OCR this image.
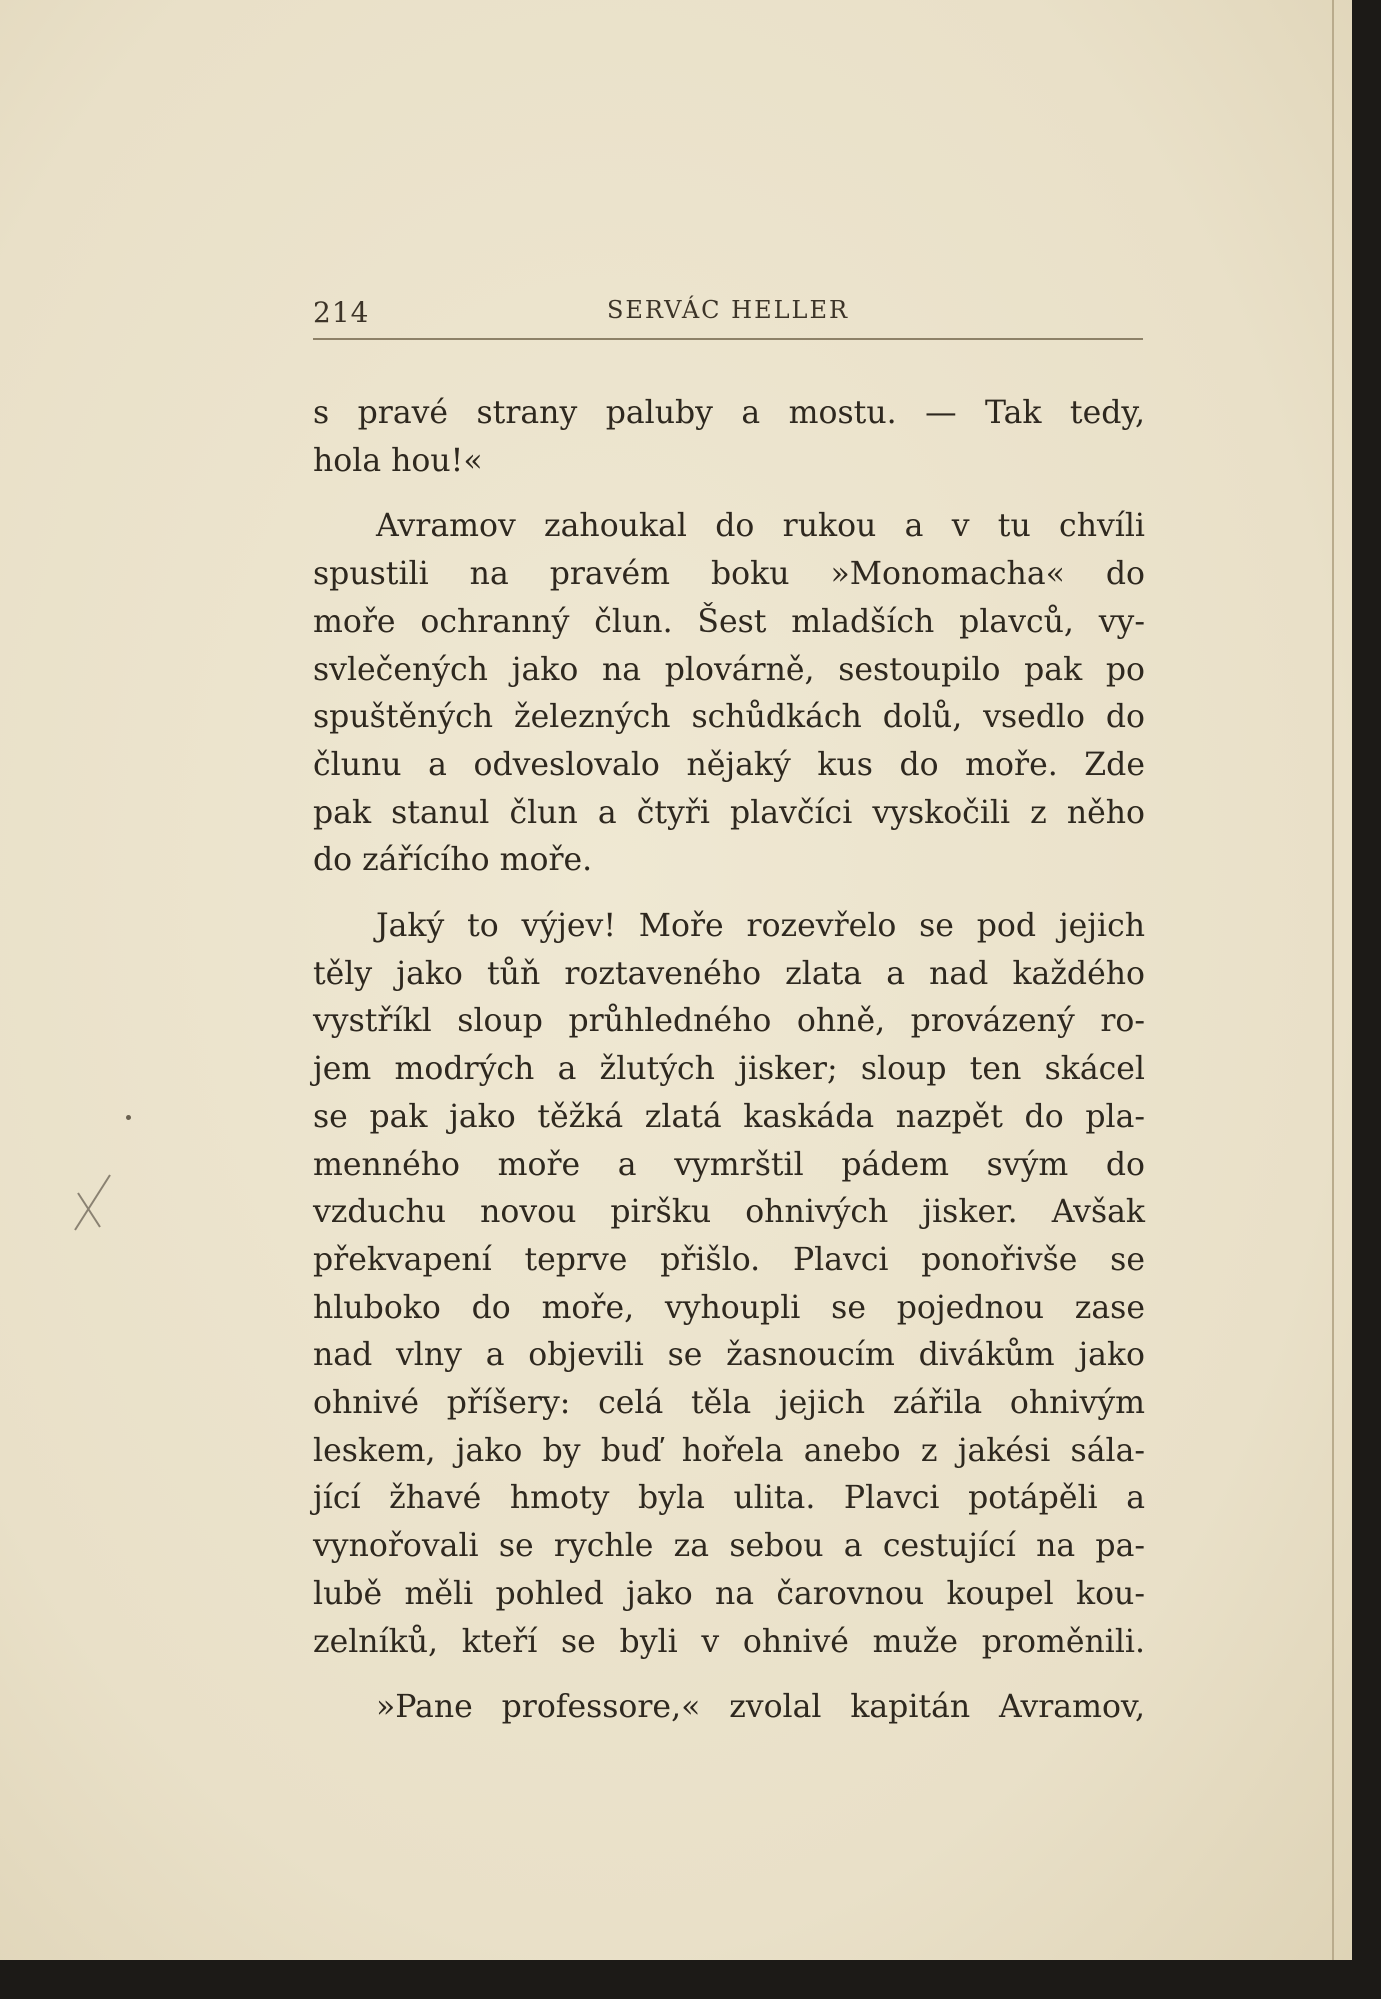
214	SERVÁC HELLER
s pravé strany paluby a mostu. — Tak tedy,
hola hou!«
Avramov zahoukal do rukou a v tu chvíli
spustili na pravém boku »Monomacha« do
moře ochranný člun. Šest mladších plavců, vy-
svlečených jako na plovárně, sestoupilo pak po
spuštěných železných schůdkách dolů, vsedlo do
člunu a odveslovalo nějaký kus do moře. Zde
pak stanul člun a čtyři plavčíci vyskočili z něho
do zářícího moře.
Jaký to výjev! Moře rozevřelo se pod jejich
těly jako tůň roztaveného zlata a nad každého
vystříkl sloup průhledného ohně, provázený ro-
jem modrých a žlutých jisker; sloup ten skácel
se pak jako těžká zlatá kaskáda nazpět do pla-
menného moře a vymrštil pádem svým do
vzduchu novou piršku ohnivých jisker. Avšak
překvapení teprve přišlo. Plavci ponořivše se
hluboko do moře, vyhoupli se pojednou zase
nad vlny a objevili se žasnoucím divákům jako
ohnivé příšery: celá těla jejich zářila ohnivým
leskem, jako by buď hořela anebo z jakési sála-
jící žhavé hmoty byla ulita. Plavci potápěli a
vynořovali se rychle za sebou a cestující na pa-
lubě měli pohled jako na čarovnou koupel kou-
zelníků, kteří se byli v ohnivé muže proměnili.
»Pane professore,« zvolal kapitán Avramov,
